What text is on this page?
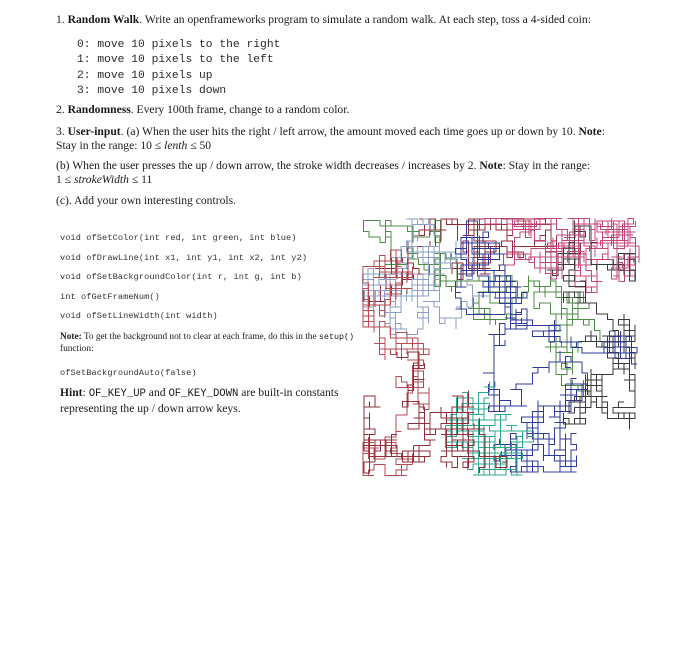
1. Random Walk. Write an openframeworks program to simulate a random walk. At each step, toss a 4-sided coin:
0: move 10 pixels to the right
1: move 10 pixels to the left
2: move 10 pixels up
3: move 10 pixels down
2. Randomness. Every 100th frame, change to a random color.
3. User-input. (a) When the user hits the right / left arrow, the amount moved each time goes up or down by 10. Note:
Stay in the range: 10 ≤ lenth ≤ 50
(b) When the user presses the up / down arrow, the stroke width decreases / increases by 2. Note: Stay in the range:
1 ≤ strokeWidth ≤ 11
(c). Add your own interesting controls.
void ofSetColor(int red, int green, int blue)
void ofDrawLine(int x1, int y1, int x2, int y2)
void ofSetBackgroundColor(int r, int g, int b)
int ofGetFrameNum()
void ofSetLineWidth(int width)
Note: To get the background not to clear at each frame, do this in the setup() function:
ofSetBackgroundAuto(false)
Hint: OF_KEY_UP and OF_KEY_DOWN are built-in constants representing the up / down arrow keys.
